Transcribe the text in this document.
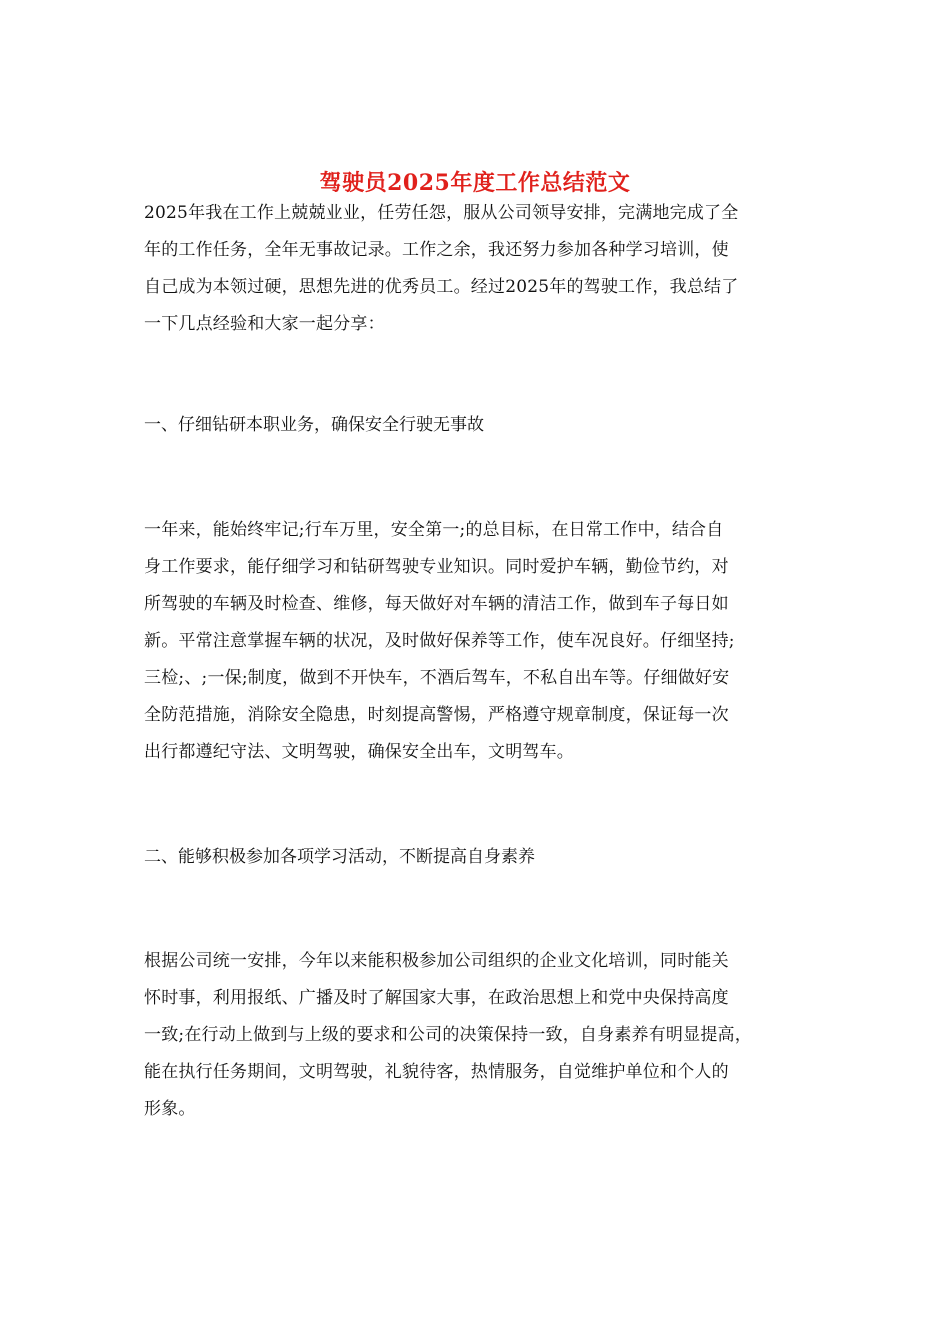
驾驶员2025年度工作总结范文

2025年我在工作上兢兢业业，任劳任怨，服从公司领导安排，完满地完成了全
年的工作任务，全年无事故记录。工作之余，我还努力参加各种学习培训，使
自己成为本领过硬，思想先进的优秀员工。经过2025年的驾驶工作，我总结了
一下几点经验和大家一起分享：

一、仔细钻研本职业务，确保安全行驶无事故

一年来，能始终牢记;行车万里，安全第一;的总目标，在日常工作中，结合自
身工作要求，能仔细学习和钻研驾驶专业知识。同时爱护车辆，勤俭节约，对
所驾驶的车辆及时检查、维修，每天做好对车辆的清洁工作，做到车子每日如
新。平常注意掌握车辆的状况，及时做好保养等工作，使车况良好。仔细坚持;
三检;、;一保;制度，做到不开快车，不酒后驾车，不私自出车等。仔细做好安
全防范措施，消除安全隐患，时刻提高警惕，严格遵守规章制度，保证每一次
出行都遵纪守法、文明驾驶，确保安全出车，文明驾车。

二、能够积极参加各项学习活动，不断提高自身素养

根据公司统一安排，今年以来能积极参加公司组织的企业文化培训，同时能关
怀时事，利用报纸、广播及时了解国家大事，在政治思想上和党中央保持高度
一致;在行动上做到与上级的要求和公司的决策保持一致，自身素养有明显提高，
能在执行任务期间，文明驾驶，礼貌待客，热情服务，自觉维护单位和个人的
形象。
